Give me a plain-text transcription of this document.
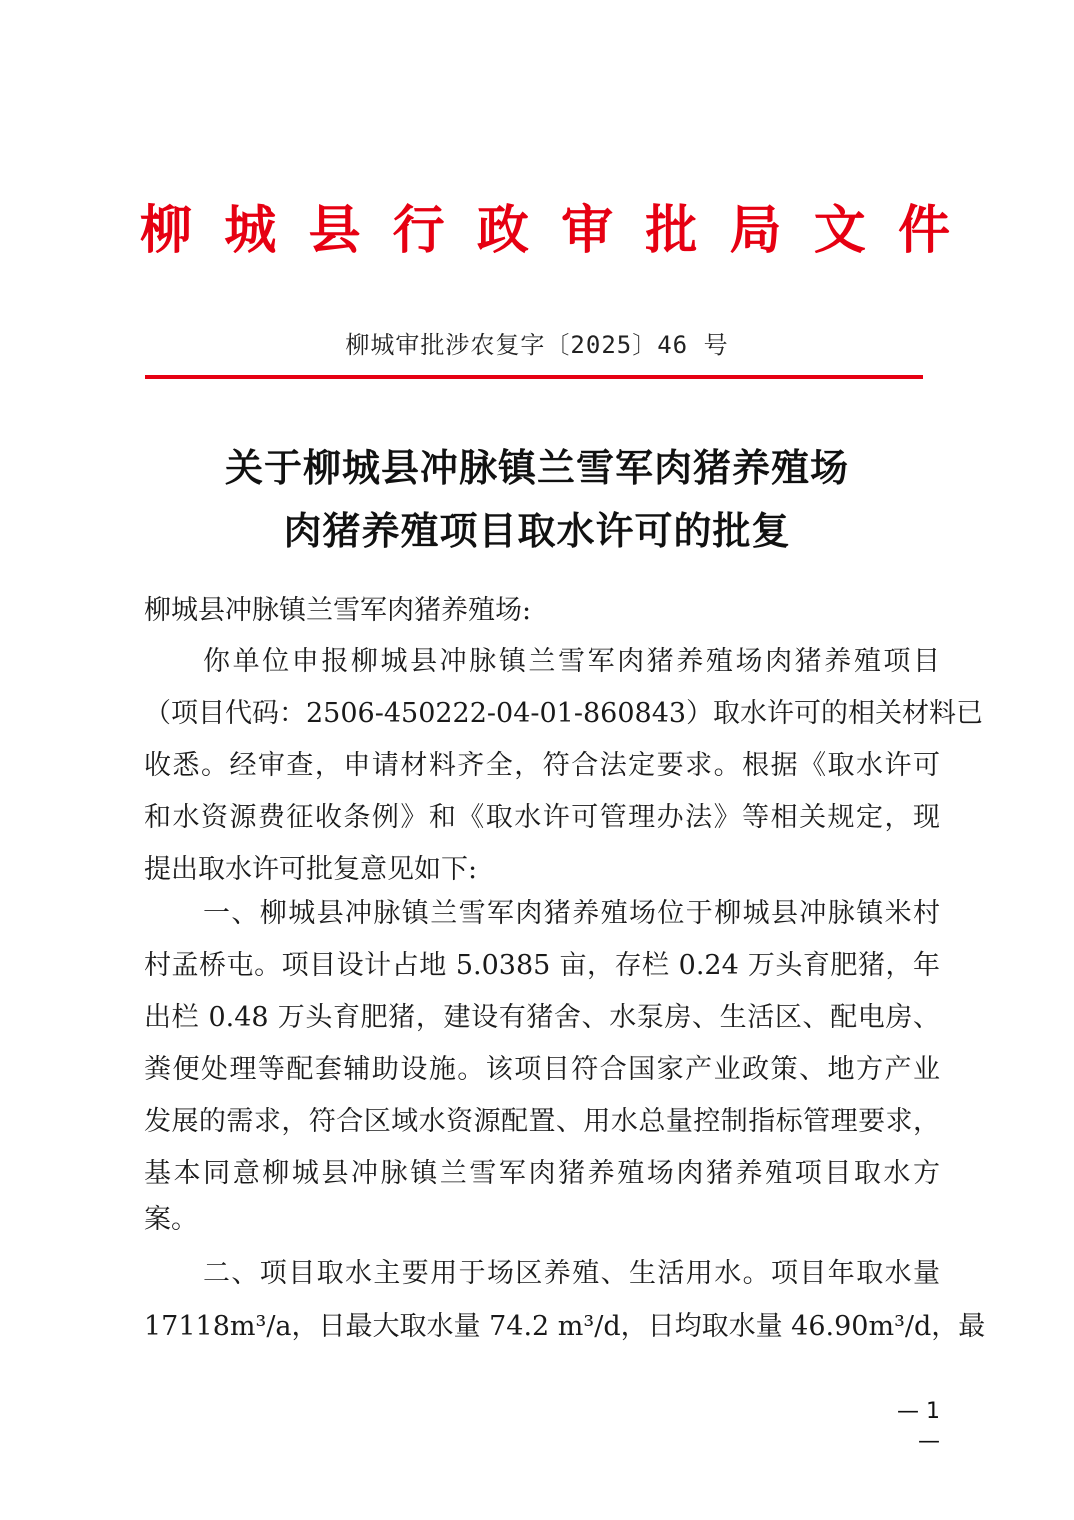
柳 城 县 行 政 审 批 局 文 件
柳城审批涉农复字〔2025〕46 号
关于柳城县冲脉镇兰雪军肉猪养殖场
肉猪养殖项目取水许可的批复
柳城县冲脉镇兰雪军肉猪养殖场:
你单位申报柳城县冲脉镇兰雪军肉猪养殖场肉猪养殖项目
（项目代码：2506-450222-04-01-860843）取水许可的相关材料已
收悉。经审查，申请材料齐全，符合法定要求。根据《取水许可
和水资源费征收条例》和《取水许可管理办法》等相关规定，现
提出取水许可批复意见如下:
一、柳城县冲脉镇兰雪军肉猪养殖场位于柳城县冲脉镇米村
村孟桥屯。项目设计占地 5.0385 亩，存栏 0.24 万头育肥猪，年
出栏 0.48 万头育肥猪，建设有猪舍、水泵房、生活区、配电房、
粪便处理等配套辅助设施。该项目符合国家产业政策、地方产业
发展的需求，符合区域水资源配置、用水总量控制指标管理要求，
基本同意柳城县冲脉镇兰雪军肉猪养殖场肉猪养殖项目取水方
案。
二、项目取水主要用于场区养殖、生活用水。项目年取水量
17118m³/a，日最大取水量 74.2 m³/d，日均取水量 46.90m³/d，最
— 1 —
